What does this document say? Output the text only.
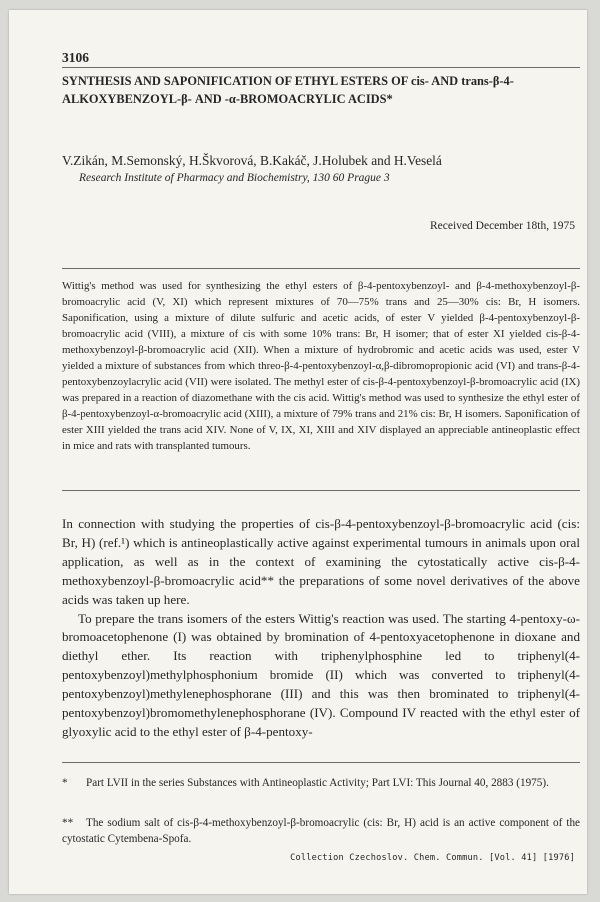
3106
SYNTHESIS AND SAPONIFICATION OF ETHYL ESTERS OF cis- AND trans-β-4-ALKOXYBENZOYL-β- AND -α-BROMOACRYLIC ACIDS*
V.Zikán, M.Semonský, H.Škvorová, B.Kakáč, J.Holubek and H.Veselá
Research Institute of Pharmacy and Biochemistry, 130 60 Prague 3
Received December 18th, 1975

Wittig's method was used for synthesizing the ethyl esters of β-4-pentoxybenzoyl- and β-4-methoxybenzoyl-β-bromoacrylic acid (V, XI) which represent mixtures of 70—75% trans and 25—30% cis: Br, H isomers. Saponification, using a mixture of dilute sulfuric and acetic acids, of ester V yielded β-4-pentoxybenzoyl-β-bromoacrylic acid (VIII), a mixture of cis with some 10% trans: Br, H isomer; that of ester XI yielded cis-β-4-methoxybenzoyl-β-bromoacrylic acid (XII). When a mixture of hydrobromic and acetic acids was used, ester V yielded a mixture of substances from which threo-β-4-pentoxybenzoyl-α,β-dibromopropionic acid (VI) and trans-β-4-pentoxybenzoylacrylic acid (VII) were isolated. The methyl ester of cis-β-4-pentoxybenzoyl-β-bromoacrylic acid (IX) was prepared in a reaction of diazomethane with the cis acid. Wittig's method was used to synthesize the ethyl ester of β-4-pentoxybenzoyl-α-bromoacrylic acid (XIII), a mixture of 79% trans and 21% cis: Br, H isomers. Saponification of ester XIII yielded the trans acid XIV. None of V, IX, XI, XIII and XIV displayed an appreciable antineoplastic effect in mice and rats with transplanted tumours.

In connection with studying the properties of cis-β-4-pentoxybenzoyl-β-bromoacrylic acid (cis: Br, H) (ref.¹) which is antineoplastically active against experimental tumours in animals upon oral application, as well as in the context of examining the cytostatically active cis-β-4-methoxybenzoyl-β-bromoacrylic acid** the preparations of some novel derivatives of the above acids was taken up here.

To prepare the trans isomers of the esters Wittig's reaction was used. The starting 4-pentoxy-ω-bromoacetophenone (I) was obtained by bromination of 4-pentoxyacetophenone in dioxane and diethyl ether. Its reaction with triphenylphosphine led to triphenyl(4-pentoxybenzoyl)methylphosphonium bromide (II) which was converted to triphenyl(4-pentoxybenzoyl)methylenephosphorane (III) and this was then brominated to triphenyl(4-pentoxybenzoyl)bromomethylenephosphorane (IV). Compound IV reacted with the ethyl ester of glyoxylic acid to the ethyl ester of β-4-pentoxy-

* Part LVII in the series Substances with Antineoplastic Activity; Part LVI: This Journal 40, 2883 (1975).

** The sodium salt of cis-β-4-methoxybenzoyl-β-bromoacrylic (cis: Br, H) acid is an active component of the cytostatic Cytembena-Spofa.

Collection Czechoslov. Chem. Commun. [Vol. 41] [1976]
